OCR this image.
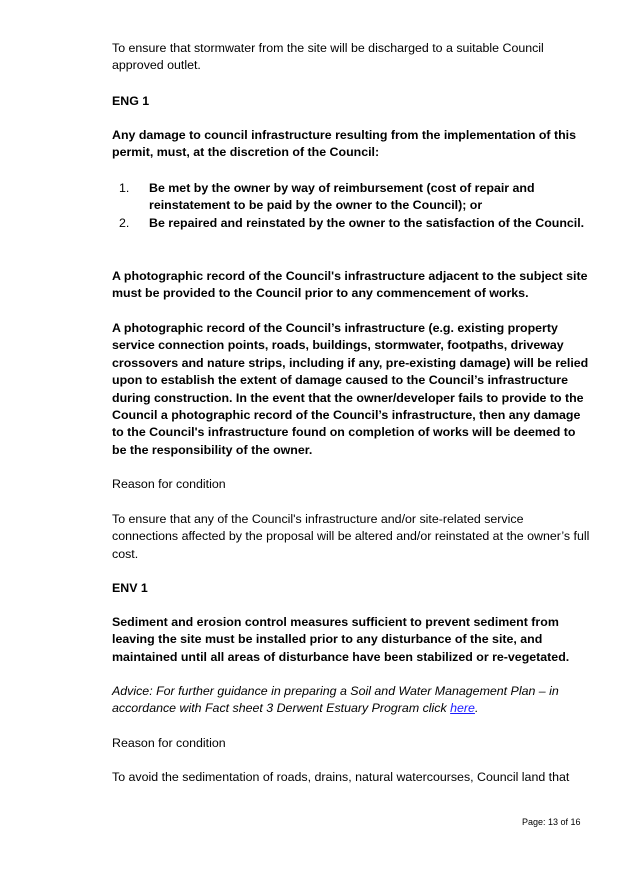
To ensure that stormwater from the site will be discharged to a suitable Council approved outlet.

ENG 1

Any damage to council infrastructure resulting from the implementation of this permit, must, at the discretion of the Council:

1. Be met by the owner by way of reimbursement (cost of repair and reinstatement to be paid by the owner to the Council); or
2. Be repaired and reinstated by the owner to the satisfaction of the Council.

A photographic record of the Council's infrastructure adjacent to the subject site must be provided to the Council prior to any commencement of works.

A photographic record of the Council’s infrastructure (e.g. existing property service connection points, roads, buildings, stormwater, footpaths, driveway crossovers and nature strips, including if any, pre-existing damage) will be relied upon to establish the extent of damage caused to the Council’s infrastructure during construction. In the event that the owner/developer fails to provide to the Council a photographic record of the Council’s infrastructure, then any damage to the Council's infrastructure found on completion of works will be deemed to be the responsibility of the owner.

Reason for condition

To ensure that any of the Council's infrastructure and/or site-related service connections affected by the proposal will be altered and/or reinstated at the owner’s full cost.

ENV 1

Sediment and erosion control measures sufficient to prevent sediment from leaving the site must be installed prior to any disturbance of the site, and maintained until all areas of disturbance have been stabilized or re-vegetated.

Advice: For further guidance in preparing a Soil and Water Management Plan – in accordance with Fact sheet 3 Derwent Estuary Program click here.

Reason for condition

To avoid the sedimentation of roads, drains, natural watercourses, Council land that

Page: 13 of 16
